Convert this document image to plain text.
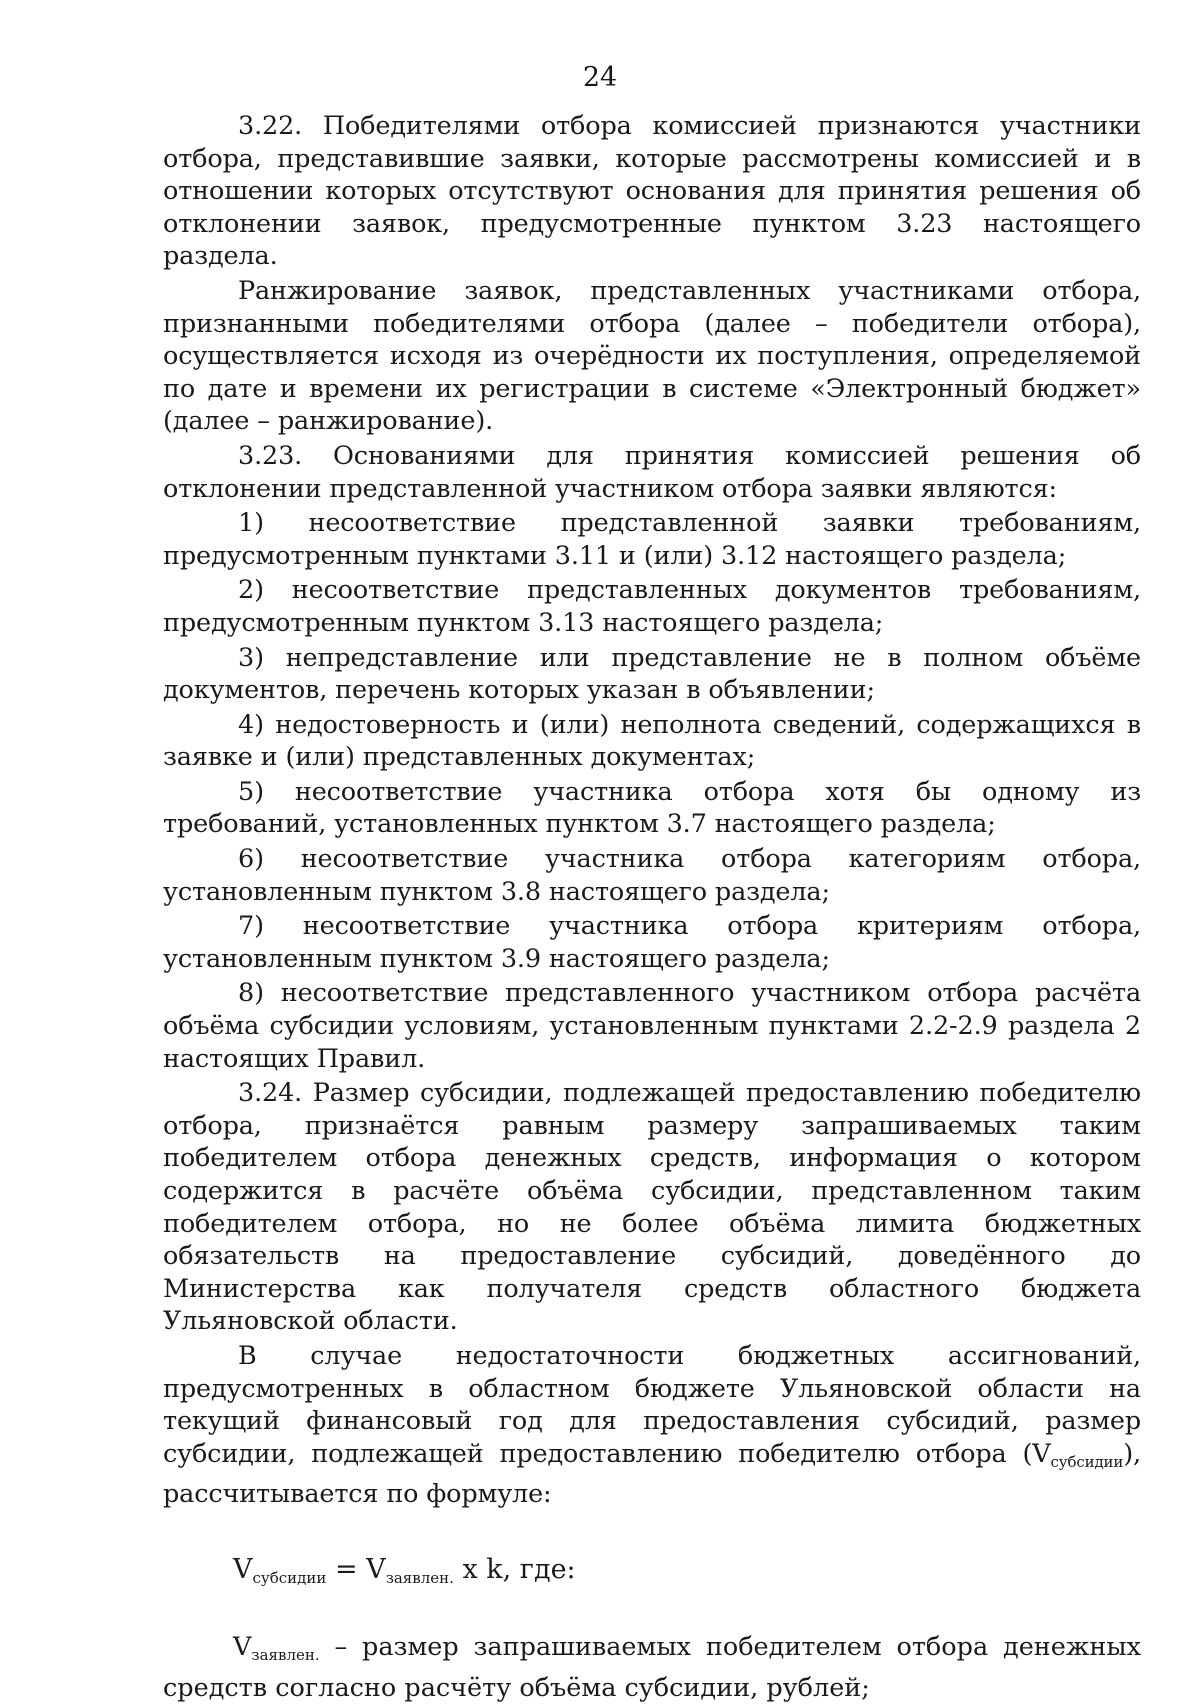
24

3.22. Победителями отбора комиссией признаются участники отбора, представившие заявки, которые рассмотрены комиссией и в отношении которых отсутствуют основания для принятия решения об отклонении заявок, предусмотренные пунктом 3.23 настоящего раздела.

Ранжирование заявок, представленных участниками отбора, признанными победителями отбора (далее – победители отбора), осуществляется исходя из очерёдности их поступления, определяемой по дате и времени их регистрации в системе «Электронный бюджет» (далее – ранжирование).

3.23. Основаниями для принятия комиссией решения об отклонении представленной участником отбора заявки являются:

1) несоответствие представленной заявки требованиям, предусмотренным пунктами 3.11 и (или) 3.12 настоящего раздела;

2) несоответствие представленных документов требованиям, предусмотренным пунктом 3.13 настоящего раздела;

3) непредставление или представление не в полном объёме документов, перечень которых указан в объявлении;

4) недостоверность и (или) неполнота сведений, содержащихся в заявке и (или) представленных документах;

5) несоответствие участника отбора хотя бы одному из требований, установленных пунктом 3.7 настоящего раздела;

6) несоответствие участника отбора категориям отбора, установленным пунктом 3.8 настоящего раздела;

7) несоответствие участника отбора критериям отбора, установленным пунктом 3.9 настоящего раздела;

8) несоответствие представленного участником отбора расчёта объёма субсидии условиям, установленным пунктами 2.2-2.9 раздела 2 настоящих Правил.

3.24. Размер субсидии, подлежащей предоставлению победителю отбора, признаётся равным размеру запрашиваемых таким победителем отбора денежных средств, информация о котором содержится в расчёте объёма субсидии, представленном таким победителем отбора, но не более объёма лимита бюджетных обязательств на предоставление субсидий, доведённого до Министерства как получателя средств областного бюджета Ульяновской области.

В случае недостаточности бюджетных ассигнований, предусмотренных в областном бюджете Ульяновской области на текущий финансовый год для предоставления субсидий, размер субсидии, подлежащей предоставлению победителю отбора $(V_{субсидии})$, рассчитывается по формуле:

$V_{субсидии} = V_{заявлен.}$ x k, где:

$V_{заявлен.}$ – размер запрашиваемых победителем отбора денежных средств согласно расчёту объёма субсидии, рублей;
